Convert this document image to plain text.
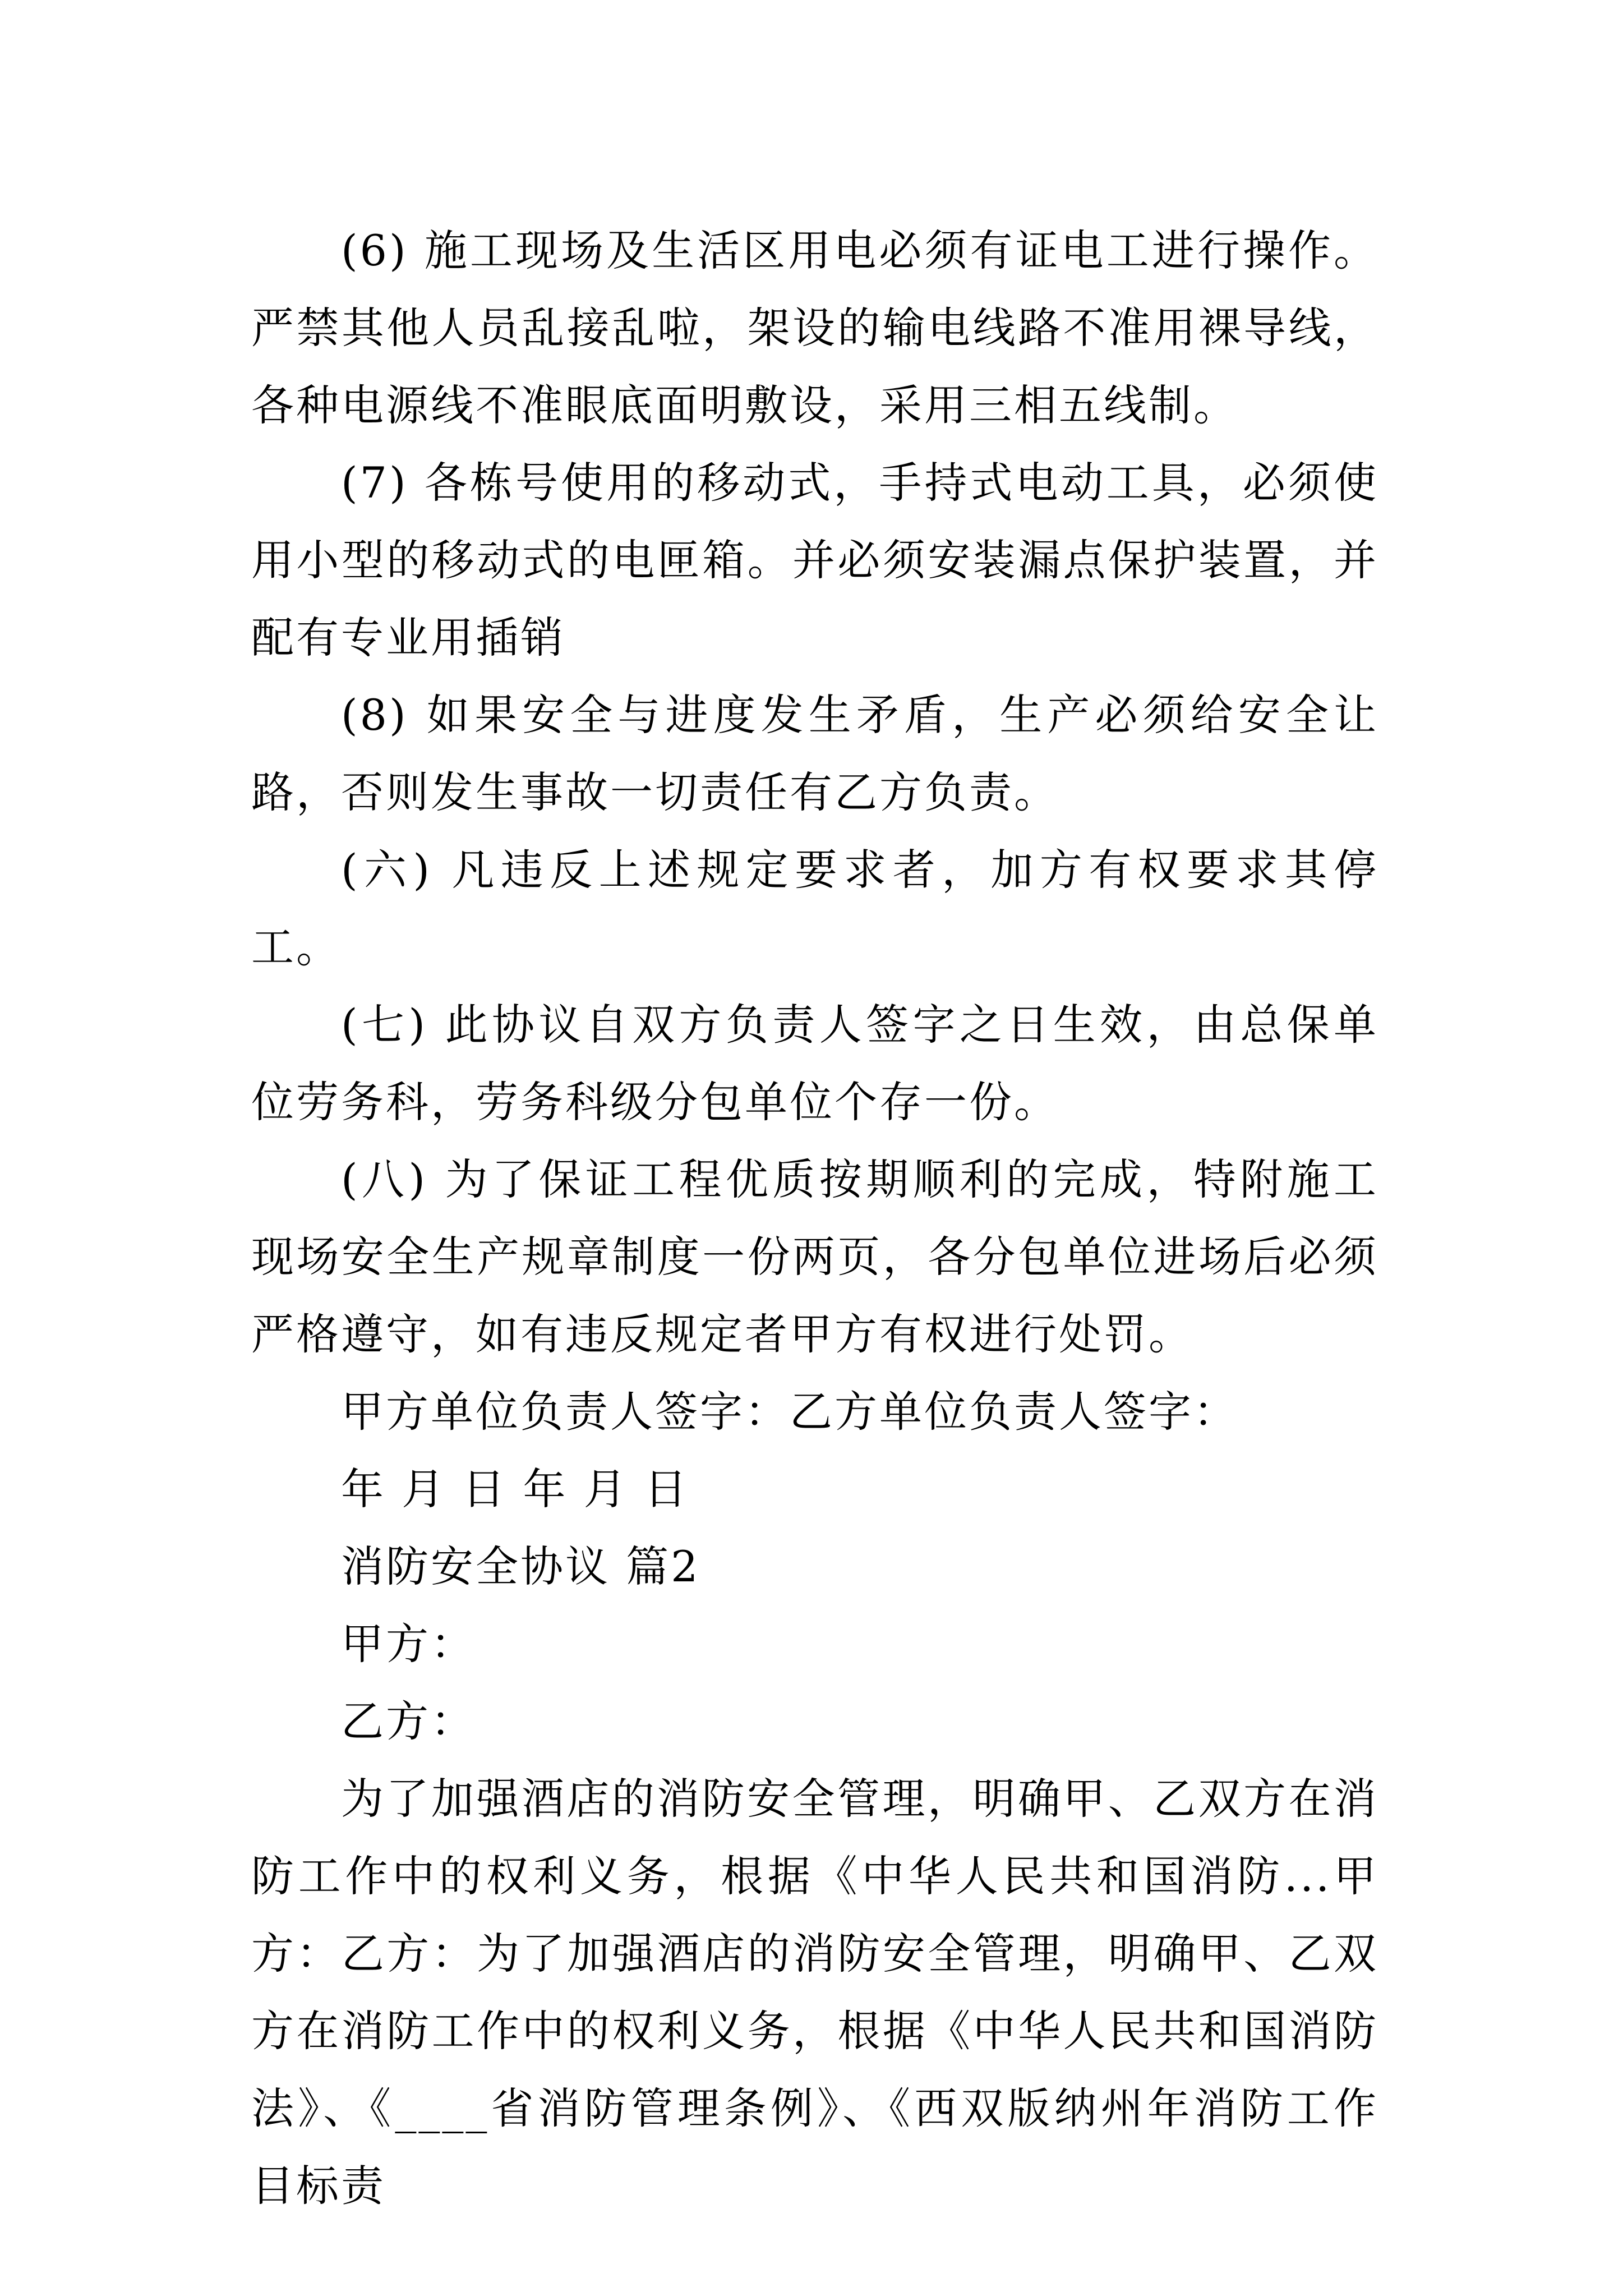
(6) 施工现场及生活区用电必须有证电工进行操作。严禁其他人员乱接乱啦，架设的输电线路不准用裸导线，各种电源线不准眼底面明敷设，采用三相五线制。

(7) 各栋号使用的移动式，手持式电动工具，必须使用小型的移动式的电匣箱。并必须安装漏点保护装置，并配有专业用插销

(8) 如果安全与进度发生矛盾，生产必须给安全让路，否则发生事故一切责任有乙方负责。

(六) 凡违反上述规定要求者，加方有权要求其停工。

(七) 此协议自双方负责人签字之日生效，由总保单位劳务科，劳务科级分包单位个存一份。

(八) 为了保证工程优质按期顺利的完成，特附施工现场安全生产规章制度一份两页，各分包单位进场后必须严格遵守，如有违反规定者甲方有权进行处罚。

甲方单位负责人签字：乙方单位负责人签字：

年 月 日 年 月 日

消防安全协议 篇2

甲方：

乙方：

为了加强酒店的消防安全管理，明确甲、乙双方在消防工作中的权利义务，根据《中华人民共和国消防...甲方：乙方：为了加强酒店的消防安全管理，明确甲、乙双方在消防工作中的权利义务，根据《中华人民共和国消防法》、《____省消防管理条例》、《西双版纳州年消防工作目标责
